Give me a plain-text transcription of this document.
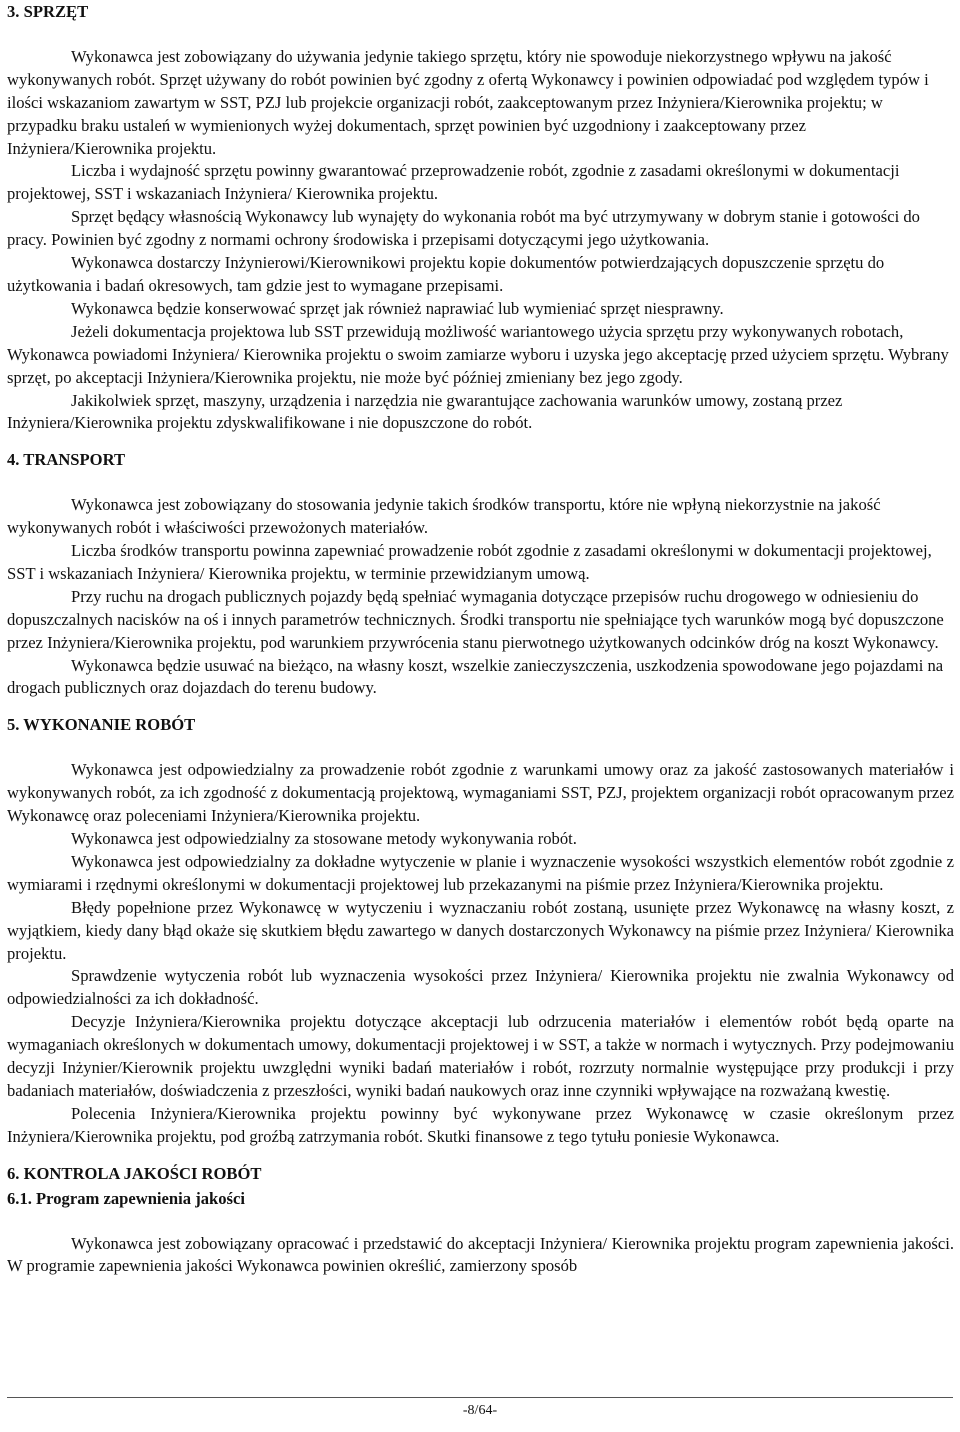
3. SPRZĘT

Wykonawca jest zobowiązany do używania jedynie takiego sprzętu, który nie spowoduje niekorzystnego wpływu na jakość wykonywanych robót. Sprzęt używany do robót powinien być zgodny z ofertą Wykonawcy i powinien odpowiadać pod względem typów i ilości wskazaniom zawartym w SST, PZJ lub projekcie organizacji robót, zaakceptowanym przez Inżyniera/Kierownika projektu; w przypadku braku ustaleń w wymienionych wyżej dokumentach, sprzęt powinien być uzgodniony i zaakceptowany przez Inżyniera/Kierownika projektu.

Liczba i wydajność sprzętu powinny gwarantować przeprowadzenie robót, zgodnie z zasadami określonymi w dokumentacji projektowej, SST i wskazaniach Inżyniera/ Kierownika projektu.

Sprzęt będący własnością Wykonawcy lub wynajęty do wykonania robót ma być utrzymywany w dobrym stanie i gotowości do pracy. Powinien być zgodny z normami ochrony środowiska i przepisami dotyczącymi jego użytkowania.

Wykonawca dostarczy Inżynierowi/Kierownikowi projektu kopie dokumentów potwierdzających dopuszczenie sprzętu do użytkowania i badań okresowych, tam gdzie jest to wymagane przepisami.

Wykonawca będzie konserwować sprzęt jak również naprawiać lub wymieniać sprzęt niesprawny.

Jeżeli dokumentacja projektowa lub SST przewidują możliwość wariantowego użycia sprzętu przy wykonywanych robotach, Wykonawca powiadomi Inżyniera/ Kierownika projektu o swoim zamiarze wyboru i uzyska jego akceptację przed użyciem sprzętu. Wybrany sprzęt, po akceptacji Inżyniera/Kierownika projektu, nie może być później zmieniany bez jego zgody.

Jakikolwiek sprzęt, maszyny, urządzenia i narzędzia nie gwarantujące zachowania warunków umowy, zostaną przez Inżyniera/Kierownika projektu zdyskwalifikowane i nie dopuszczone do robót.

4. TRANSPORT

Wykonawca jest zobowiązany do stosowania jedynie takich środków transportu, które nie wpłyną niekorzystnie na jakość wykonywanych robót i właściwości przewożonych materiałów.

Liczba środków transportu powinna zapewniać prowadzenie robót zgodnie z zasadami określonymi w dokumentacji projektowej, SST i wskazaniach Inżyniera/ Kierownika projektu, w terminie przewidzianym umową.

Przy ruchu na drogach publicznych pojazdy będą spełniać wymagania dotyczące przepisów ruchu drogowego w odniesieniu do dopuszczalnych nacisków na oś i innych parametrów technicznych. Środki transportu nie spełniające tych warunków mogą być dopuszczone przez Inżyniera/Kierownika projektu, pod warunkiem przywrócenia stanu pierwotnego użytkowanych odcinków dróg na koszt Wykonawcy.

Wykonawca będzie usuwać na bieżąco, na własny koszt, wszelkie zanieczyszczenia, uszkodzenia spowodowane jego pojazdami na drogach publicznych oraz dojazdach do terenu budowy.

5. WYKONANIE ROBÓT

Wykonawca jest odpowiedzialny za prowadzenie robót zgodnie z warunkami umowy oraz za jakość zastosowanych materiałów i wykonywanych robót, za ich zgodność z dokumentacją projektową, wymaganiami SST, PZJ, projektem organizacji robót opracowanym przez Wykonawcę oraz poleceniami Inżyniera/Kierownika projektu.

Wykonawca jest odpowiedzialny za stosowane metody wykonywania robót.

Wykonawca jest odpowiedzialny za dokładne wytyczenie w planie i wyznaczenie wysokości wszystkich elementów robót zgodnie z wymiarami i rzędnymi określonymi w dokumentacji projektowej lub przekazanymi na piśmie przez Inżyniera/Kierownika projektu.

Błędy popełnione przez Wykonawcę w wytyczeniu i wyznaczaniu robót zostaną, usunięte przez Wykonawcę na własny koszt, z wyjątkiem, kiedy dany błąd okaże się skutkiem błędu zawartego w danych dostarczonych Wykonawcy na piśmie przez Inżyniera/ Kierownika projektu.

Sprawdzenie wytyczenia robót lub wyznaczenia wysokości przez Inżyniera/ Kierownika projektu nie zwalnia Wykonawcy od odpowiedzialności za ich dokładność.

Decyzje Inżyniera/Kierownika projektu dotyczące akceptacji lub odrzucenia materiałów i elementów robót będą oparte na wymaganiach określonych w dokumentach umowy, dokumentacji projektowej i w SST, a także w normach i wytycznych. Przy podejmowaniu decyzji Inżynier/Kierownik projektu uwzględni wyniki badań materiałów i robót, rozrzuty normalnie występujące przy produkcji i przy badaniach materiałów, doświadczenia z przeszłości, wyniki badań naukowych oraz inne czynniki wpływające na rozważaną kwestię.

Polecenia Inżyniera/Kierownika projektu powinny być wykonywane przez Wykonawcę w czasie określonym przez Inżyniera/Kierownika projektu, pod groźbą zatrzymania robót. Skutki finansowe z tego tytułu poniesie Wykonawca.

6. KONTROLA JAKOŚCI ROBÓT
6.1. Program zapewnienia jakości

Wykonawca jest zobowiązany opracować i przedstawić do akceptacji Inżyniera/ Kierownika projektu program zapewnienia jakości. W programie zapewnienia jakości Wykonawca powinien określić, zamierzony sposób

-8/64-
